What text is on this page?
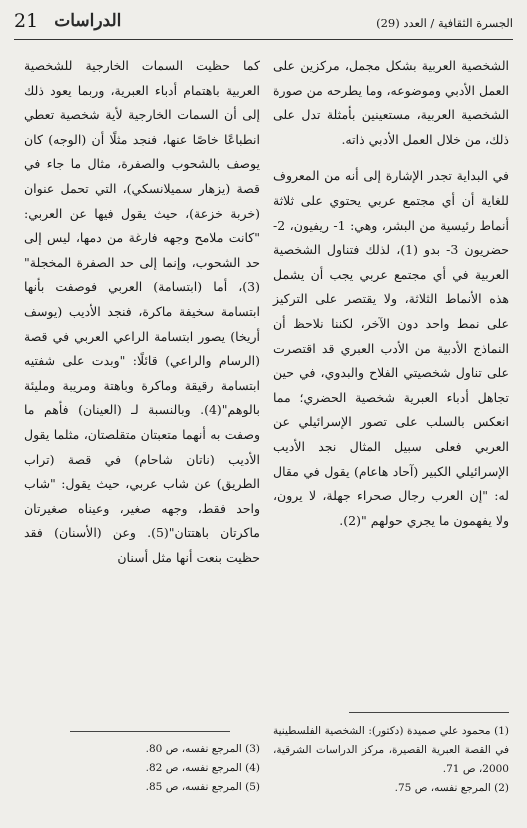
الجسرة الثقافية / العدد (29)
21 الدراسات

الشخصية العربية بشكل مجمل، مركزين على العمل الأدبي وموضوعه، وما يطرحه من صورة الشخصية العربية، مستعينين بأمثلة تدل على ذلك، من خلال العمل الأدبي ذاته.

في البداية تجدر الإشارة إلى أنه من المعروف للغاية أن أي مجتمع عربي يحتوي على ثلاثة أنماط رئيسية من البشر، وهي: 1- ريفيون، 2- حضريون 3- بدو (1)، لذلك فتناول الشخصية العربية في أي مجتمع عربي يجب أن يشمل هذه الأنماط الثلاثة، ولا يقتصر على التركيز على نمط واحد دون الآخر، لكننا نلاحظ أن النماذج الأدبية من الأدب العبري قد اقتصرت على تناول شخصيتي الفلاح والبدوي، في حين تجاهل أدباء العبرية شخصية الحضري؛ مما انعكس بالسلب على تصور الإسرائيلي عن العربي فعلى سبيل المثال نجد الأديب الإسرائيلي الكبير (آحاد هاعام) يقول في مقال له: "إن العرب رجال صحراء جهلة، لا يرون، ولا يفهمون ما يجري حولهم "(2).

كما حظيت السمات الخارجية للشخصية العربية باهتمام أدباء العبرية، وربما يعود ذلك إلى أن السمات الخارجية لأية شخصية تعطي انطباعًا خاصًا عنها، فنجد مثلًا أن (الوجه) كان يوصف بالشحوب والصفرة، مثال ما جاء في قصة (يزهار سميلانسكي)، التي تحمل عنوان (خربة خزعة)، حيث يقول فيها عن العربي: "كانت ملامح وجهه فارغة من دمها، ليس إلى حد الشحوب، وإنما إلى حد الصفرة المخجلة"(3)، أما (ابتسامة) العربي فوصفت بأنها ابتسامة سخيفة ماكرة، فنجد الأديب (يوسف أريخا) يصور ابتسامة الراعي العربي في قصة (الرسام والراعي) قائلًا: "وبدت على شفتيه ابتسامة رقيقة وماكرة وباهتة ومريبة ومليئة بالوهم"(4). وبالنسبة لـ (العينان) فأهم ما وصفت به أنهما متعبتان متقلصتان، مثلما يقول الأديب (ناتان شاحام) في قصة (تراب الطريق) عن شاب عربي، حيث يقول: "شاب واحد فقط، وجهه صغير، وعيناه صغيرتان ماكرتان باهتتان"(5). وعن (الأسنان) فقد حظيت بنعت أنها مثل أسنان

(1) محمود علي صميدة (دكتور): الشخصية الفلسطينية في القصة العبرية القصيرة، مركز الدراسات الشرقية، 2000، ص 71.
(2) المرجع نفسه، ص 75.
(3) المرجع نفسه، ص 80.
(4) المرجع نفسه، ص 82.
(5) المرجع نفسه، ص 85.
